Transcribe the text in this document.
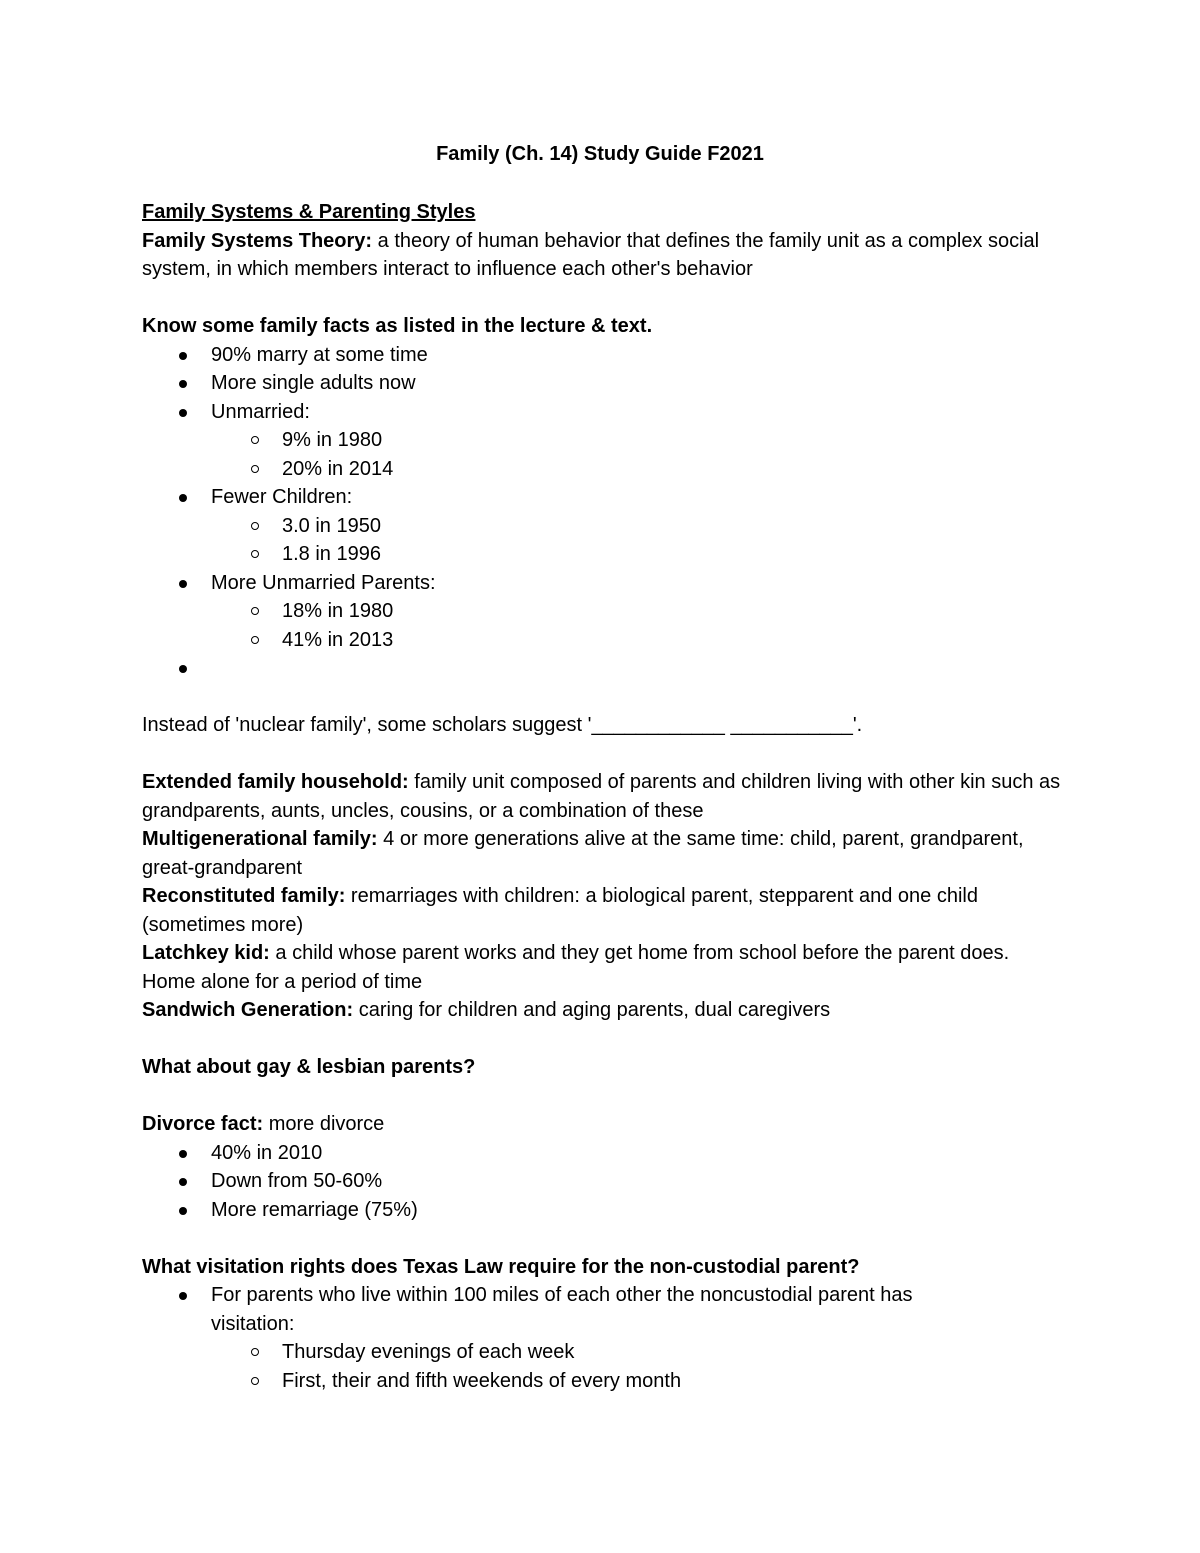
Family (Ch. 14) Study Guide F2021
Family Systems & Parenting Styles
Family Systems Theory: a theory of human behavior that defines the family unit as a complex social system, in which members interact to influence each other's behavior
Know some family facts as listed in the lecture & text.
90% marry at some time
More single adults now
Unmarried:
9% in 1980
20% in 2014
Fewer Children:
3.0 in 1950
1.8 in 1996
More Unmarried Parents:
18% in 1980
41% in 2013

Instead of 'nuclear family', some scholars suggest '____________ ___________'.
Extended family household: family unit composed of parents and children living with other kin such as grandparents, aunts, uncles, cousins, or a combination of these
Multigenerational family: 4 or more generations alive at the same time: child, parent, grandparent, great-grandparent
Reconstituted family: remarriages with children: a biological parent, stepparent and one child (sometimes more)
Latchkey kid: a child whose parent works and they get home from school before the parent does. Home alone for a period of time
Sandwich Generation: caring for children and aging parents, dual caregivers
What about gay & lesbian parents?
Divorce fact: more divorce
40% in 2010
Down from 50-60%
More remarriage (75%)
What visitation rights does Texas Law require for the non-custodial parent?
For parents who live within 100 miles of each other the noncustodial parent has visitation:
Thursday evenings of each week
First, their and fifth weekends of every month
